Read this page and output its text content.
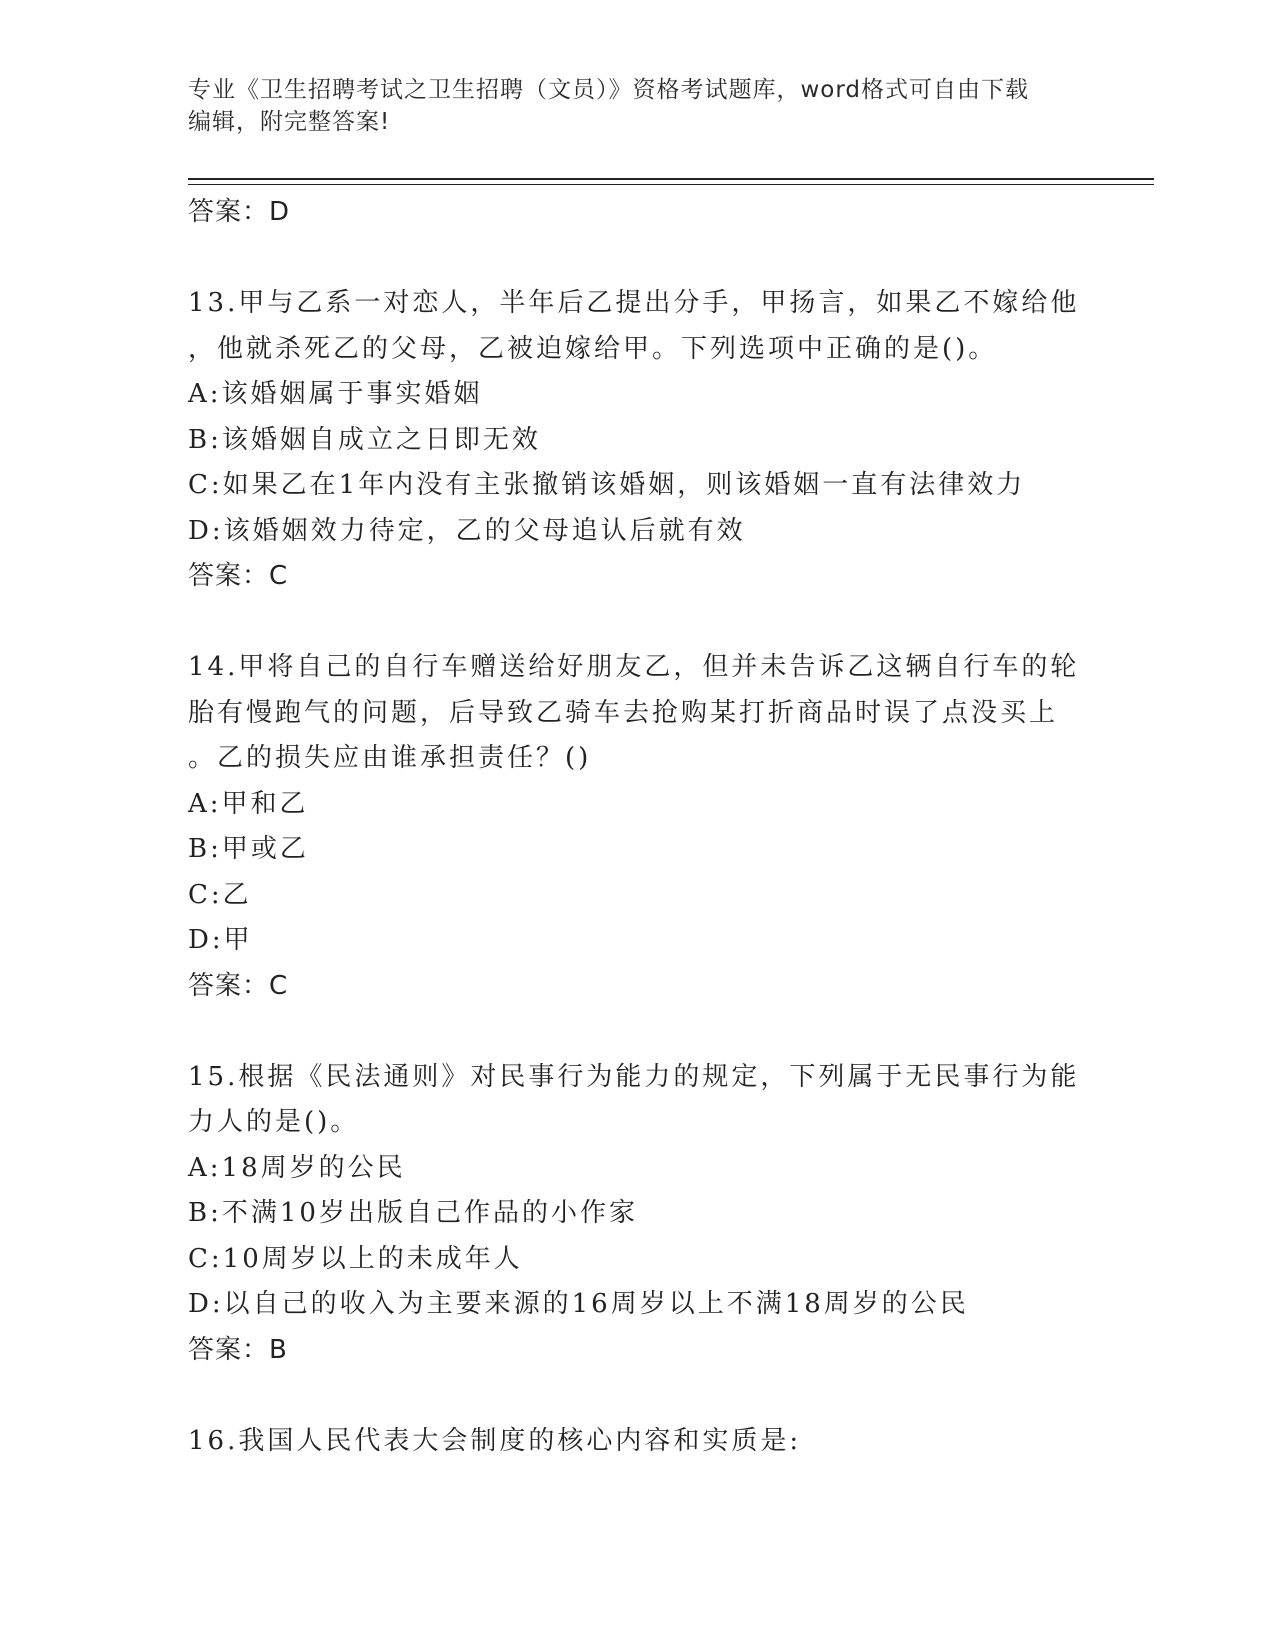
专业《卫生招聘考试之卫生招聘（文员）》资格考试题库，word格式可自由下载
编辑，附完整答案!
答案：D
13.甲与乙系一对恋人，半年后乙提出分手，甲扬言，如果乙不嫁给他
，他就杀死乙的父母，乙被迫嫁给甲。下列选项中正确的是()。
A:该婚姻属于事实婚姻
B:该婚姻自成立之日即无效
C:如果乙在1年内没有主张撤销该婚姻，则该婚姻一直有法律效力
D:该婚姻效力待定，乙的父母追认后就有效
答案：C
14.甲将自己的自行车赠送给好朋友乙，但并未告诉乙这辆自行车的轮
胎有慢跑气的问题，后导致乙骑车去抢购某打折商品时误了点没买上
。乙的损失应由谁承担责任？()
A:甲和乙
B:甲或乙
C:乙
D:甲
答案：C
15.根据《民法通则》对民事行为能力的规定，下列属于无民事行为能
力人的是()。
A:18周岁的公民
B:不满10岁出版自己作品的小作家
C:10周岁以上的未成年人
D:以自己的收入为主要来源的16周岁以上不满18周岁的公民
答案：B
16.我国人民代表大会制度的核心内容和实质是:
